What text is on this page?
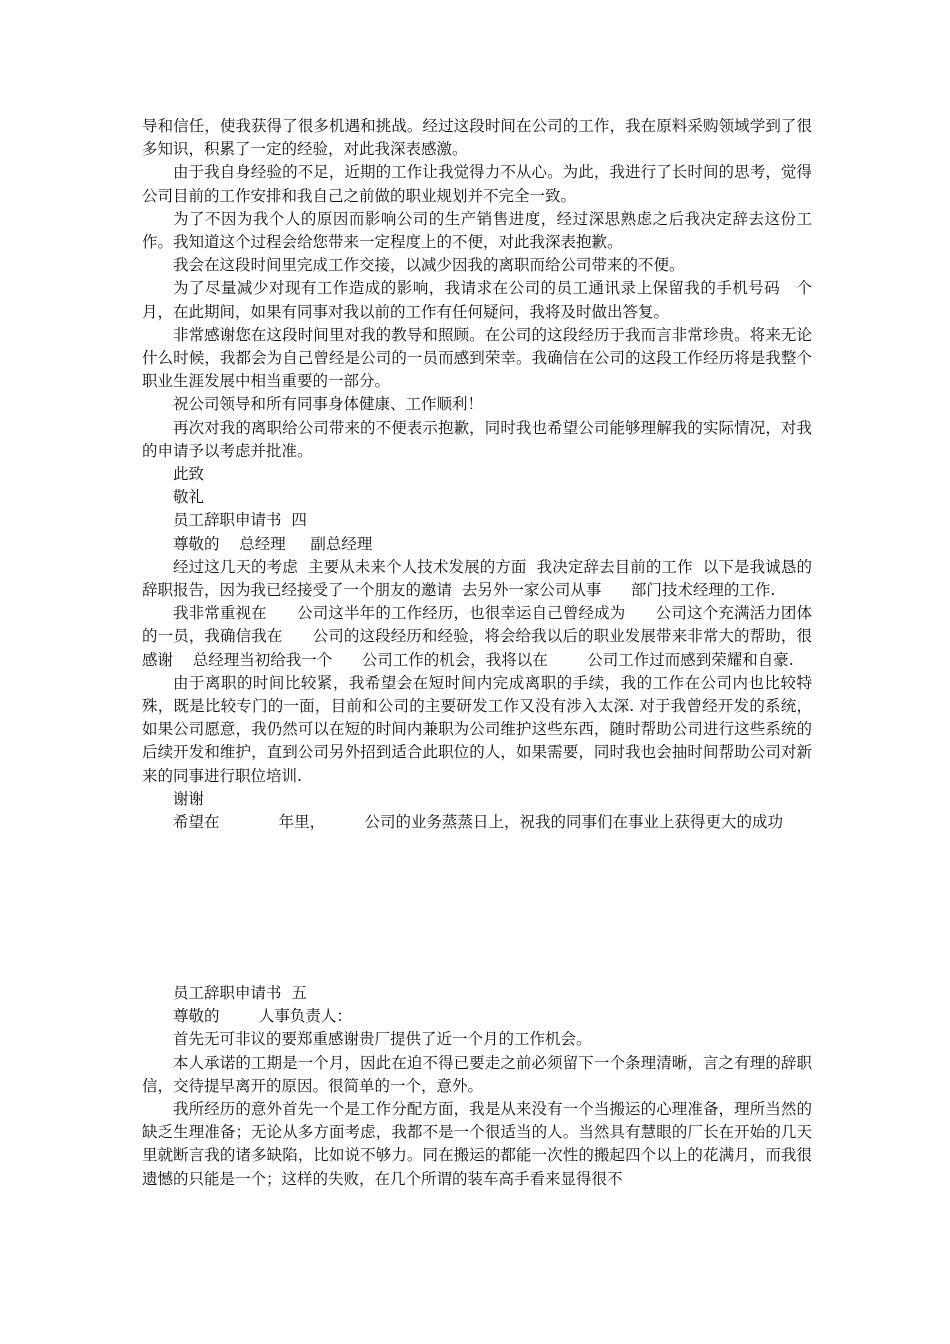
导和信任，使我获得了很多机遇和挑战。经过这段时间在公司的工作，我在原料采购领域学到了很多知识，积累了一定的经验，对此我深表感激。

由于我自身经验的不足，近期的工作让我觉得力不从心。为此，我进行了长时间的思考，觉得公司目前的工作安排和我自己之前做的职业规划并不完全一致。

为了不因为我个人的原因而影响公司的生产销售进度，经过深思熟虑之后我决定辞去这份工作。我知道这个过程会给您带来一定程度上的不便，对此我深表抱歉。

我会在这段时间里完成工作交接，以减少因我的离职而给公司带来的不便。

为了尽量减少对现有工作造成的影响，我请求在公司的员工通讯录上保留我的手机号码   个月，在此期间，如果有同事对我以前的工作有任何疑问，我将及时做出答复。

非常感谢您在这段时间里对我的教导和照顾。在公司的这段经历于我而言非常珍贵。将来无论什么时候，我都会为自己曾经是公司的一员而感到荣幸。我确信在公司的这段工作经历将是我整个职业生涯发展中相当重要的一部分。

祝公司领导和所有同事身体健康、工作顺利！

再次对我的离职给公司带来的不便表示抱歉，同时我也希望公司能够理解我的实际情况，对我的申请予以考虑并批准。

此致

敬礼

员工辞职申请书  四

尊敬的    总经理     副总经理

经过这几天的考虑  主要从未来个人技术发展的方面  我决定辞去目前的工作  以下是我诚恳的辞职报告，因为我已经接受了一个朋友的邀请  去另外一家公司从事      部门技术经理的工作.

我非常重视在      公司这半年的工作经历，也很幸运自己曾经成为      公司这个充满活力团体的一员，我确信我在      公司的这段经历和经验，将会给我以后的职业发展带来非常大的帮助，很感谢    总经理当初给我一个      公司工作的机会，我将以在        公司工作过而感到荣耀和自豪.

由于离职的时间比较紧，我希望会在短时间内完成离职的手续，我的工作在公司内也比较特殊，既是比较专门的一面，目前和公司的主要研发工作又没有涉入太深. 对于我曾经开发的系统，如果公司愿意，我仍然可以在短的时间内兼职为公司维护这些东西，随时帮助公司进行这些系统的后续开发和维护，直到公司另外招到适合此职位的人，如果需要，同时我也会抽时间帮助公司对新来的同事进行职位培训.

谢谢

希望在            年里，        公司的业务蒸蒸日上，祝我的同事们在事业上获得更大的成功

员工辞职申请书  五

尊敬的        人事负责人：

首先无可非议的要郑重感谢贵厂提供了近一个月的工作机会。

本人承诺的工期是一个月，因此在迫不得已要走之前必须留下一个条理清晰，言之有理的辞职信，交待提早离开的原因。很简单的一个，意外。

我所经历的意外首先一个是工作分配方面，我是从来没有一个当搬运的心理准备，理所当然的缺乏生理准备；无论从多方面考虑，我都不是一个很适当的人。当然具有慧眼的厂长在开始的几天里就断言我的诸多缺陷，比如说不够力。同在搬运的都能一次性的搬起四个以上的花满月，而我很遗憾的只能是一个；这样的失败，在几个所谓的装车高手看来显得很不
